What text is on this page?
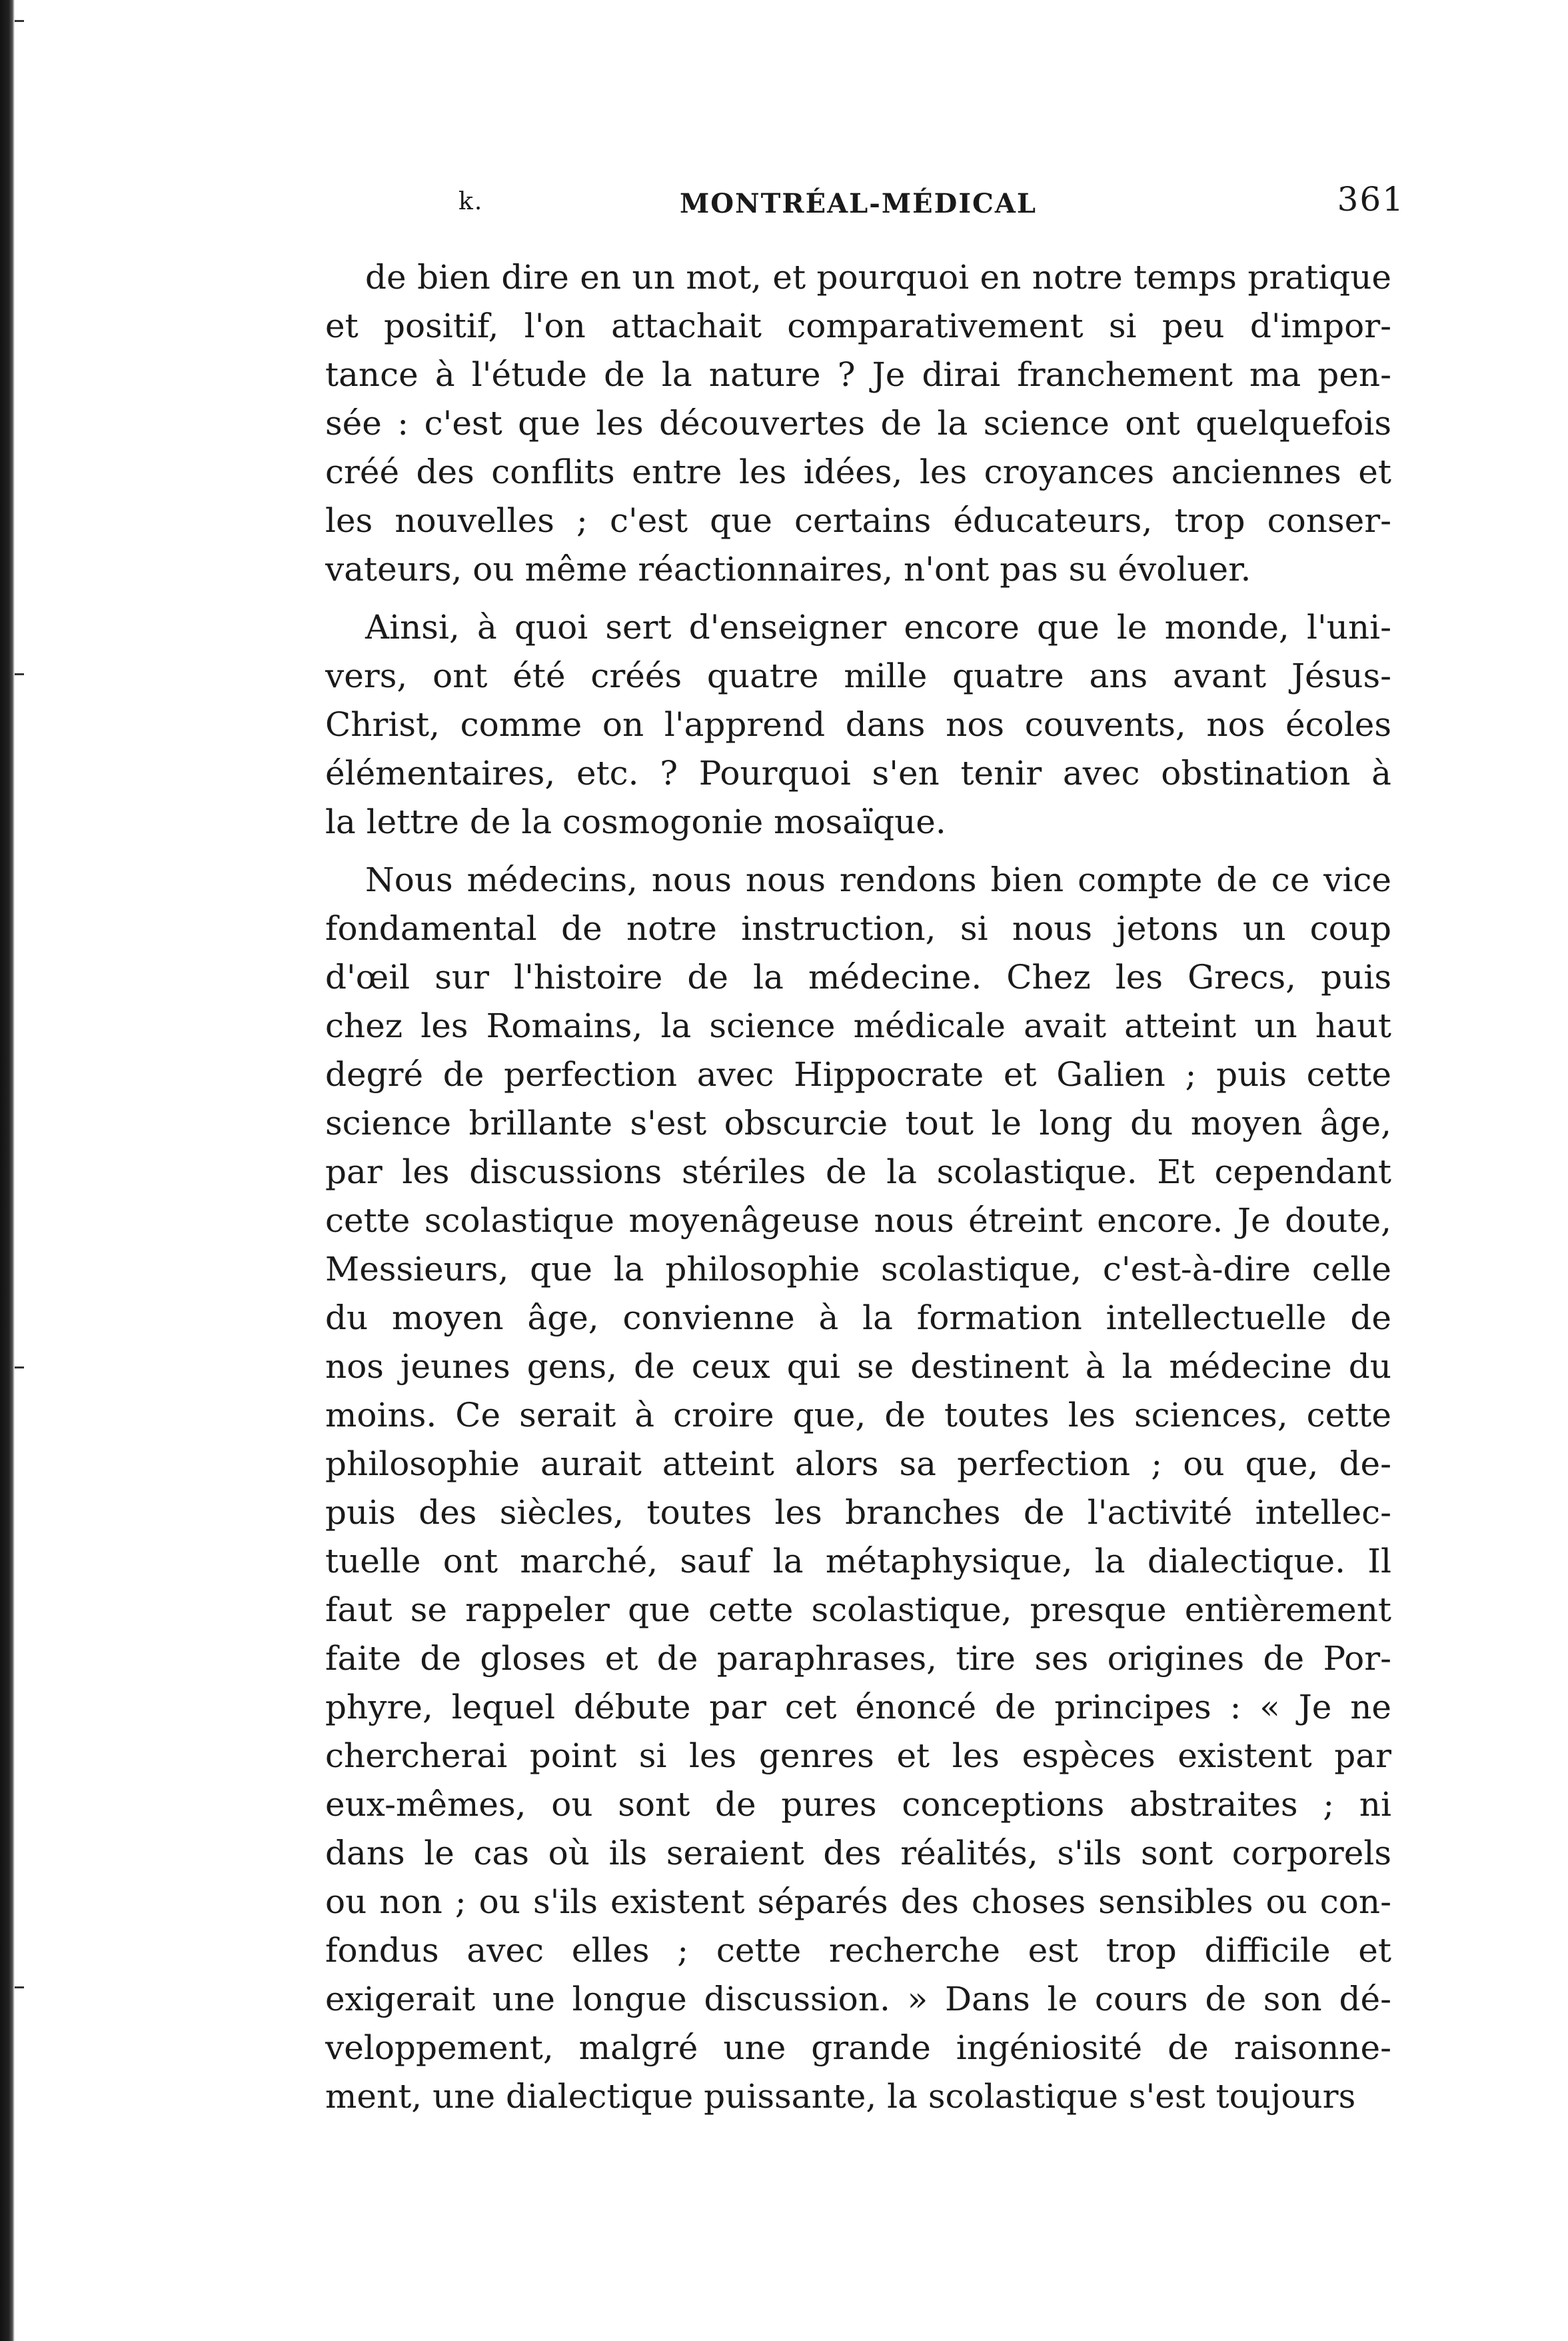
k.	MONTRÉAL-MÉDICAL	361
de bien dire en un mot, et pourquoi en notre temps pratique
et positif, l'on attachait comparativement si peu d'impor-
tance à l'étude de la nature ? Je dirai franchement ma pen-
sée : c'est que les découvertes de la science ont quelquefois
créé des conflits entre les idées, les croyances anciennes et
les nouvelles ; c'est que certains éducateurs, trop conser-
vateurs, ou même réactionnaires, n'ont pas su évoluer.
Ainsi, à quoi sert d'enseigner encore que le monde, l'uni-
vers, ont été créés quatre mille quatre ans avant Jésus-
Christ, comme on l'apprend dans nos couvents, nos écoles
élémentaires, etc. ? Pourquoi s'en tenir avec obstination à
la lettre de la cosmogonie mosaïque.
Nous médecins, nous nous rendons bien compte de ce vice
fondamental de notre instruction, si nous jetons un coup
d'œil sur l'histoire de la médecine. Chez les Grecs, puis
chez les Romains, la science médicale avait atteint un haut
degré de perfection avec Hippocrate et Galien ; puis cette
science brillante s'est obscurcie tout le long du moyen âge,
par les discussions stériles de la scolastique. Et cependant
cette scolastique moyenâgeuse nous étreint encore. Je doute,
Messieurs, que la philosophie scolastique, c'est-à-dire celle
du moyen âge, convienne à la formation intellectuelle de
nos jeunes gens, de ceux qui se destinent à la médecine du
moins. Ce serait à croire que, de toutes les sciences, cette
philosophie aurait atteint alors sa perfection ; ou que, de-
puis des siècles, toutes les branches de l'activité intellec-
tuelle ont marché, sauf la métaphysique, la dialectique. Il
faut se rappeler que cette scolastique, presque entièrement
faite de gloses et de paraphrases, tire ses origines de Por-
phyre, lequel débute par cet énoncé de principes : « Je ne
chercherai point si les genres et les espèces existent par
eux-mêmes, ou sont de pures conceptions abstraites ; ni
dans le cas où ils seraient des réalités, s'ils sont corporels
ou non ; ou s'ils existent séparés des choses sensibles ou con-
fondus avec elles ; cette recherche est trop difficile et
exigerait une longue discussion. » Dans le cours de son dé-
veloppement, malgré une grande ingéniosité de raisonne-
ment, une dialectique puissante, la scolastique s'est toujours
